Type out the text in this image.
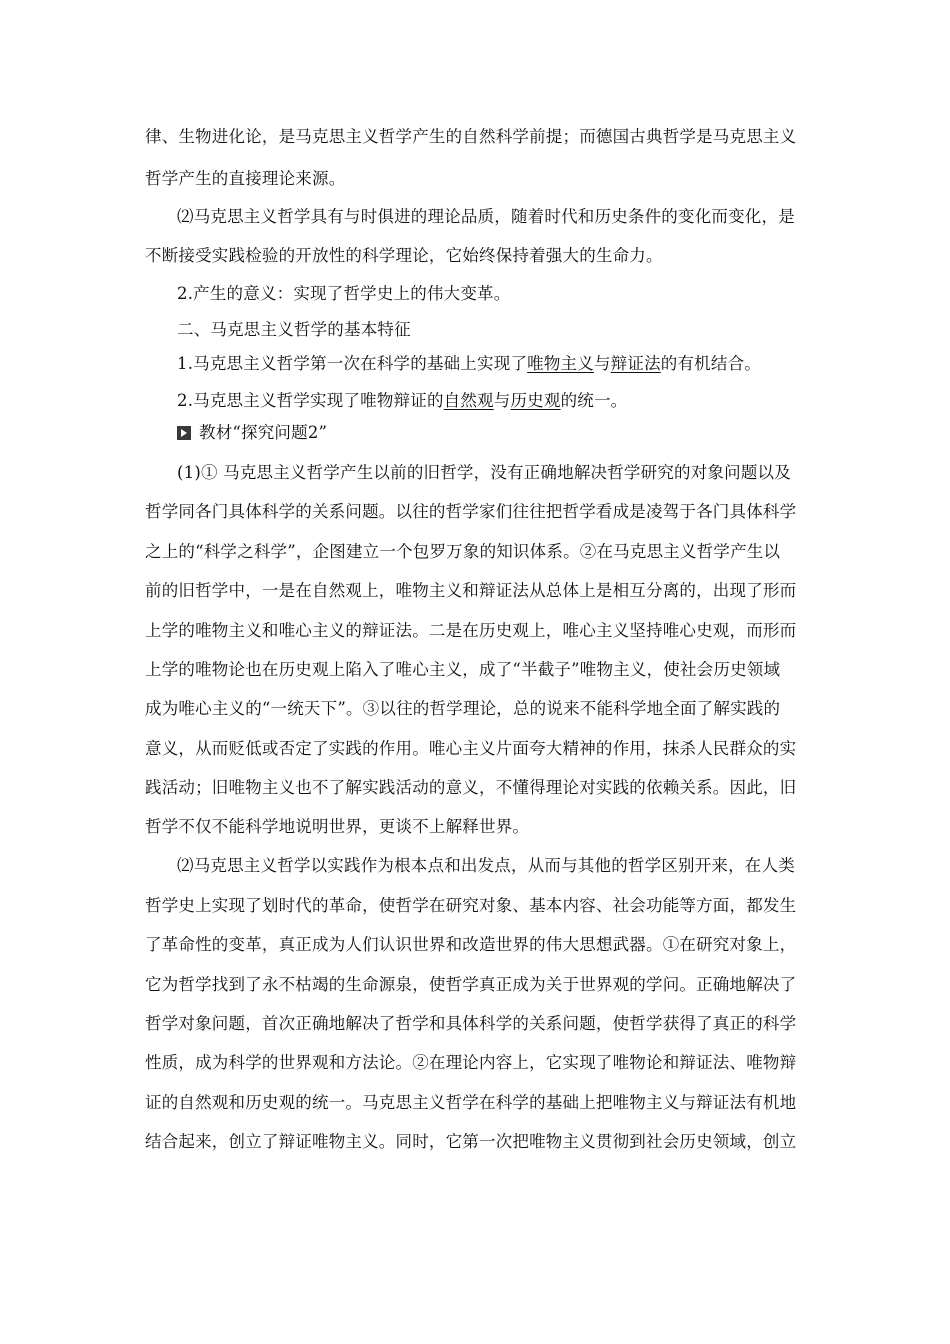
律、生物进化论，是马克思主义哲学产生的自然科学前提；而德国古典哲学是马克思主义
哲学产生的直接理论来源。
⑵马克思主义哲学具有与时俱进的理论品质，随着时代和历史条件的变化而变化，是
不断接受实践检验的开放性的科学理论，它始终保持着强大的生命力。
2.产生的意义：实现了哲学史上的伟大变革。
二、马克思主义哲学的基本特征
1.马克思主义哲学第一次在科学的基础上实现了唯物主义与辩证法的有机结合。
2.马克思主义哲学实现了唯物辩证的自然观与历史观的统一。
教材“探究问题2”
(1)① 马克思主义哲学产生以前的旧哲学，没有正确地解决哲学研究的对象问题以及
哲学同各门具体科学的关系问题。以往的哲学家们往往把哲学看成是凌驾于各门具体科学
之上的“科学之科学”，企图建立一个包罗万象的知识体系。②在马克思主义哲学产生以
前的旧哲学中，一是在自然观上，唯物主义和辩证法从总体上是相互分离的，出现了形而
上学的唯物主义和唯心主义的辩证法。二是在历史观上，唯心主义坚持唯心史观，而形而
上学的唯物论也在历史观上陷入了唯心主义，成了“半截子”唯物主义，使社会历史领域
成为唯心主义的“一统天下”。③以往的哲学理论，总的说来不能科学地全面了解实践的
意义，从而贬低或否定了实践的作用。唯心主义片面夸大精神的作用，抹杀人民群众的实
践活动；旧唯物主义也不了解实践活动的意义，不懂得理论对实践的依赖关系。因此，旧
哲学不仅不能科学地说明世界，更谈不上解释世界。
⑵马克思主义哲学以实践作为根本点和出发点，从而与其他的哲学区别开来，在人类
哲学史上实现了划时代的革命，使哲学在研究对象、基本内容、社会功能等方面，都发生
了革命性的变革，真正成为人们认识世界和改造世界的伟大思想武器。①在研究对象上，
它为哲学找到了永不枯竭的生命源泉，使哲学真正成为关于世界观的学问。正确地解决了
哲学对象问题，首次正确地解决了哲学和具体科学的关系问题，使哲学获得了真正的科学
性质，成为科学的世界观和方法论。②在理论内容上，它实现了唯物论和辩证法、唯物辩
证的自然观和历史观的统一。马克思主义哲学在科学的基础上把唯物主义与辩证法有机地
结合起来，创立了辩证唯物主义。同时，它第一次把唯物主义贯彻到社会历史领域，创立
